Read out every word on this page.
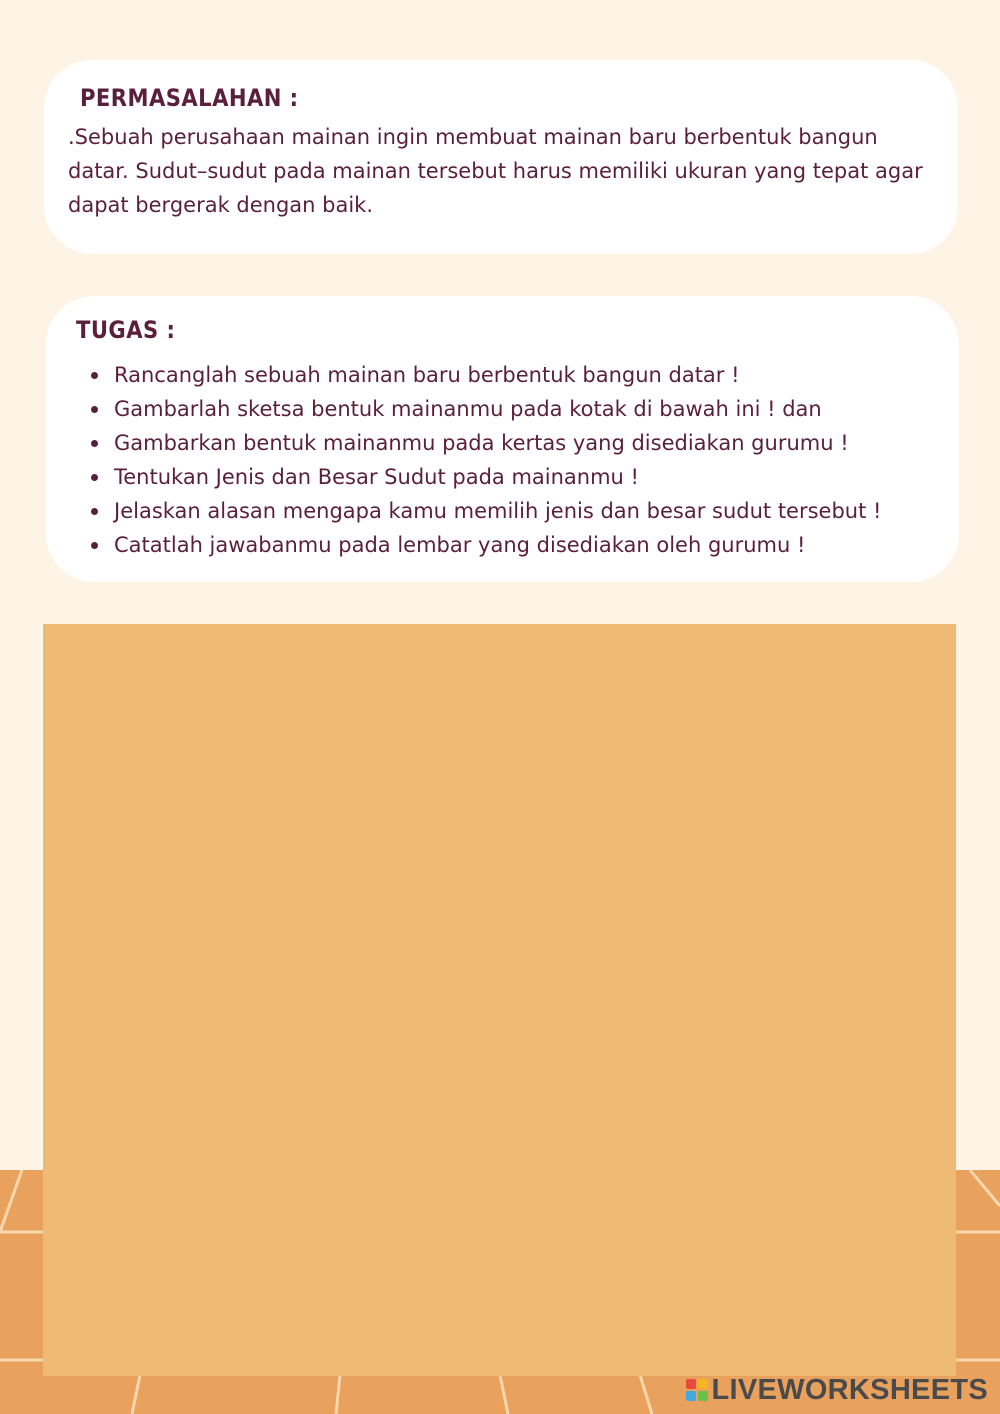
PERMASALAHAN :

.Sebuah perusahaan mainan ingin membuat mainan baru berbentuk bangun datar. Sudut–sudut pada mainan tersebut harus memiliki ukuran yang tepat agar dapat bergerak dengan baik.

TUGAS :
Rancanglah sebuah mainan baru berbentuk bangun datar !
Gambarlah sketsa bentuk mainanmu pada kotak di bawah ini ! dan
Gambarkan bentuk mainanmu pada kertas yang disediakan gurumu !
Tentukan Jenis dan Besar Sudut pada mainanmu !
Jelaskan alasan mengapa kamu memilih jenis dan besar sudut tersebut !
Catatlah jawabanmu pada lembar yang disediakan oleh gurumu !
LIVEWORKSHEETS
